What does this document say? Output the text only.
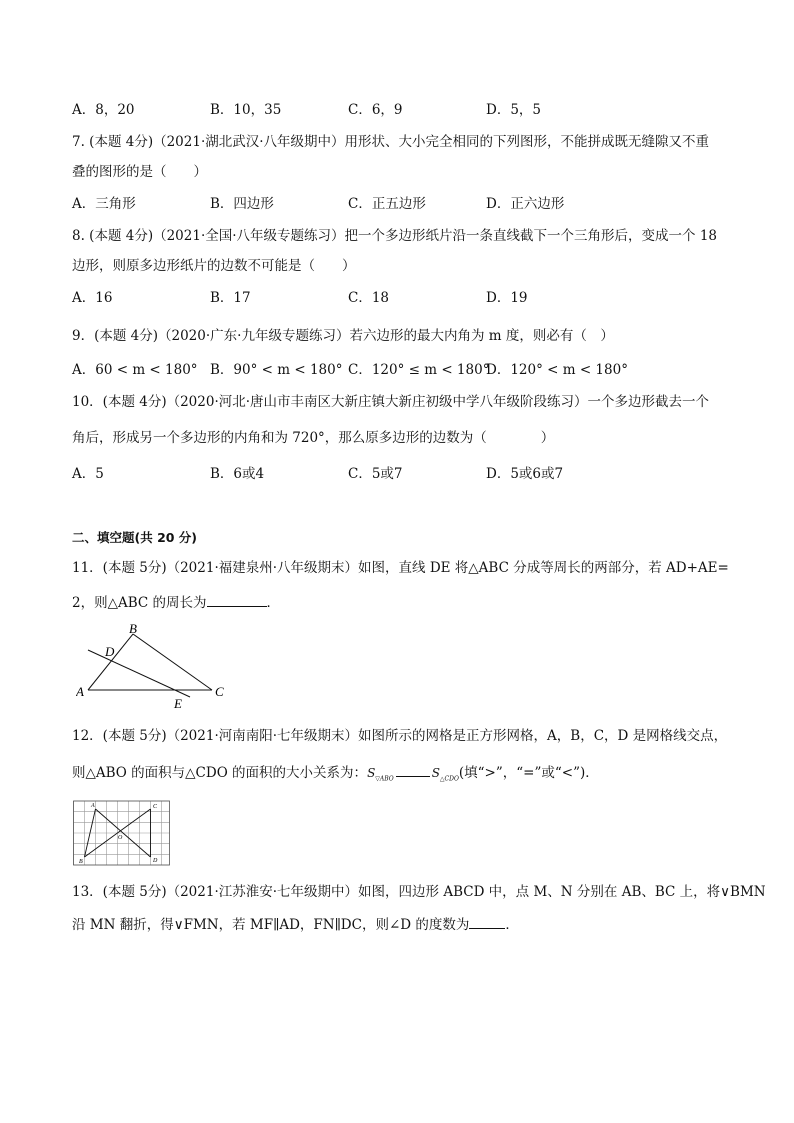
A．8，20	B．10，35	C．6，9	D．5，5
7. (本题 4分)（2021·湖北武汉·八年级期中）用形状、大小完全相同的下列图形，不能拼成既无缝隙又不重
叠的图形的是（　　）
A．三角形	B．四边形	C．正五边形	D．正六边形
8. (本题 4分)（2021·全国·八年级专题练习）把一个多边形纸片沿一条直线截下一个三角形后，变成一个 18
边形，则原多边形纸片的边数不可能是（　　）
A．16	B．17	C．18	D．19
9．(本题 4分)（2020·广东·九年级专题练习）若六边形的最大内角为 m 度，则必有（　）
A．60 < m < 180° B．90° < m < 180° C．120° ≤ m < 180°
D．120° < m < 180°
10．(本题 4分)（2020·河北·唐山市丰南区大新庄镇大新庄初级中学八年级阶段练习）一个多边形截去一个
角后，形成另一个多边形的内角和为 720°，那么原多边形的边数为（　　　　）
A．5	B．6或4	C．5或7	D．5或6或7
二、填空题(共 20 分)
11．(本题 5分)（2021·福建泉州·八年级期末）如图，直线 DE 将△ABC 分成等周长的两部分，若 AD+AE=
2，则△ABC 的周长为	．
A
B
C
D
E
12．(本题 5分)（2021·河南南阳·七年级期末）如图所示的网格是正方形网格，A，B，C，D 是网格线交点，
则△ABO 的面积与△CDO 的面积的大小关系为：$S_{▽ABO}$	$S_{\triangle CDO}$(填“>”，“=”或“<”)．
A
B
C
D
O
13．(本题 5分)（2021·江苏淮安·七年级期中）如图，四边形 ABCD 中，点 M、N 分别在 AB、BC 上，将∨BMN
沿 MN 翻折，得∨FMN，若 MF∥AD，FN∥DC，则∠D 的度数为	．
